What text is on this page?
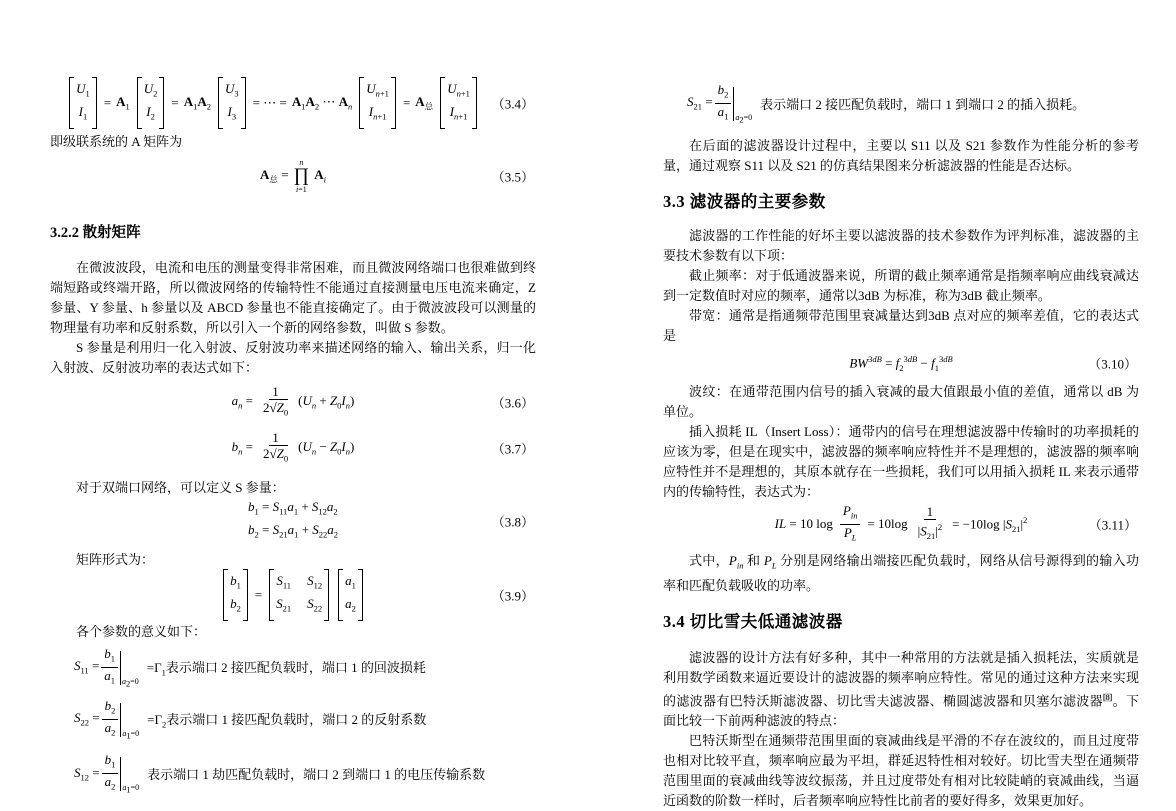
$U_1$
$I_1$
= $A_1$
$U_2$
$I_2$
= $A_1A_2$
$U_3$
$I_3$
= ⋯ = $A_1A_2$ ⋯ $A_n$
$U_{n+1}$
$I_{n+1}$
= $A_总$
$U_{n+1}$
$I_{n+1}$
（3.4）

即级联系统的 A 矩阵为

$A_总$ =
n
∏
i=1
$A_i$	（3.5）
3.2.2 散射矩阵

在微波波段，电流和电压的测量变得非常困难，而且微波网络端口也很难做到终端短路或终端开路，所以微波网络的传输特性不能通过直接测量电压电流来确定，Z 参量、Y 参量、h 参量以及 ABCD 参量也不能直接确定了。由于微波波段可以测量的物理量有功率和反射系数，所以引入一个新的网络参数，叫做 S 参数。

S 参量是利用归一化入射波、反射波功率来描述网络的输入、输出关系，归一化入射波、反射波功率的表达式如下：

$a_n = \frac{1}{2√Z_0} (U_n + Z_0I_n)$	（3.6）
$b_n = \frac{1}{2√Z_0} (U_n - Z_0I_n)$	（3.7）

对于双端口网络，可以定义 S 参量：

$b_1 = S_{11}a_1 + S_{12}a_2$
$b_2 = S_{21}a_1 + S_{22}a_2$
（3.8）

矩阵形式为：

$b_1$
$b_2$
=
$S_{11}$ $S_{12}$
$S_{21}$ $S_{22}$
$a_1$
$a_2$
（3.9）

各个参数的意义如下：

$S_{11} = \frac{b_1}{a_1} a_2=0$
$=\Gamma_1$表示端口 2 接匹配负载时，端口 1 的回波损耗
$S_{22} = \frac{b_2}{a_2} a_1=0$
$=\Gamma_2$表示端口 1 接匹配负载时，端口 2 的反射系数
$S_{12} = \frac{b_1}{a_2} a_1=0$
表示端口 1 劫匹配负载时，端口 2 到端口 1 的电压传输系数
$S_{21} = \frac{b_2}{a_1} a_2=0$
表示端口 2 接匹配负载时，端口 1 到端口 2 的插入损耗。

在后面的滤波器设计过程中，主要以 S11 以及 S21 参数作为性能分析的参考量，通过观察 S11 以及 S21 的仿真结果图来分析滤波器的性能是否达标。

3.3 滤波器的主要参数

滤波器的工作性能的好坏主要以滤波器的技术参数作为评判标准，滤波器的主要技术参数有以下项：

截止频率：对于低通波器来说，所谓的截止频率通常是指频率响应曲线衰减达到一定数值时对应的频率，通常以3dB 为标准，称为3dB 截止频率。

带宽：通常是指通频带范围里衰减量达到3dB 点对应的频率差值，它的表达式是

$BW^{3dB} = f_2^{3dB} - f_1^{3dB}$	（3.10）

波纹：在通带范围内信号的插入衰减的最大值跟最小值的差值，通常以 dB 为单位。

插入损耗 IL（Insert Loss）：通带内的信号在理想滤波器中传输时的功率损耗的应该为零，但是在现实中，滤波器的频率响应特性并不是理想的，滤波器的频率响应特性并不是理想的，其原本就存在一些损耗，我们可以用插入损耗 IL 来表示通带内的传输特性，表达式为：

IL = 10 $\log \frac{P_{in}}{P_L} = 10\log \frac{1}{|S_{21}|^2} = -10\log$ $|S_{21}|^2$	（3.11）

式中，$P_{in}$ 和 $P_L$ 分别是网络输出端接匹配负载时，网络从信号源得到的输入功率和匹配负载吸收的功率。

3.4 切比雪夫低通滤波器

滤波器的设计方法有好多种，其中一种常用的方法就是插入损耗法，实质就是利用数学函数来逼近要设计的滤波器的频率响应特性。常见的通过这种方法来实现的滤波器有巴特沃斯滤波器、切比雪夫滤波器、椭圆滤波器和贝塞尔滤波器[8]。下面比较一下前两种滤波的特点：

巴特沃斯型在通频带范围里面的衰减曲线是平滑的不存在波纹的，而且过度带也相对比较平直，频率响应最为平坦，群延迟特性相对较好。切比雪夫型在通频带范围里面的衰减曲线等波纹振荡，并且过度带处有相对比较陡峭的衰减曲线，当逼近函数的阶数一样时，后者频率响应特性比前者的要好得多，效果更加好。
